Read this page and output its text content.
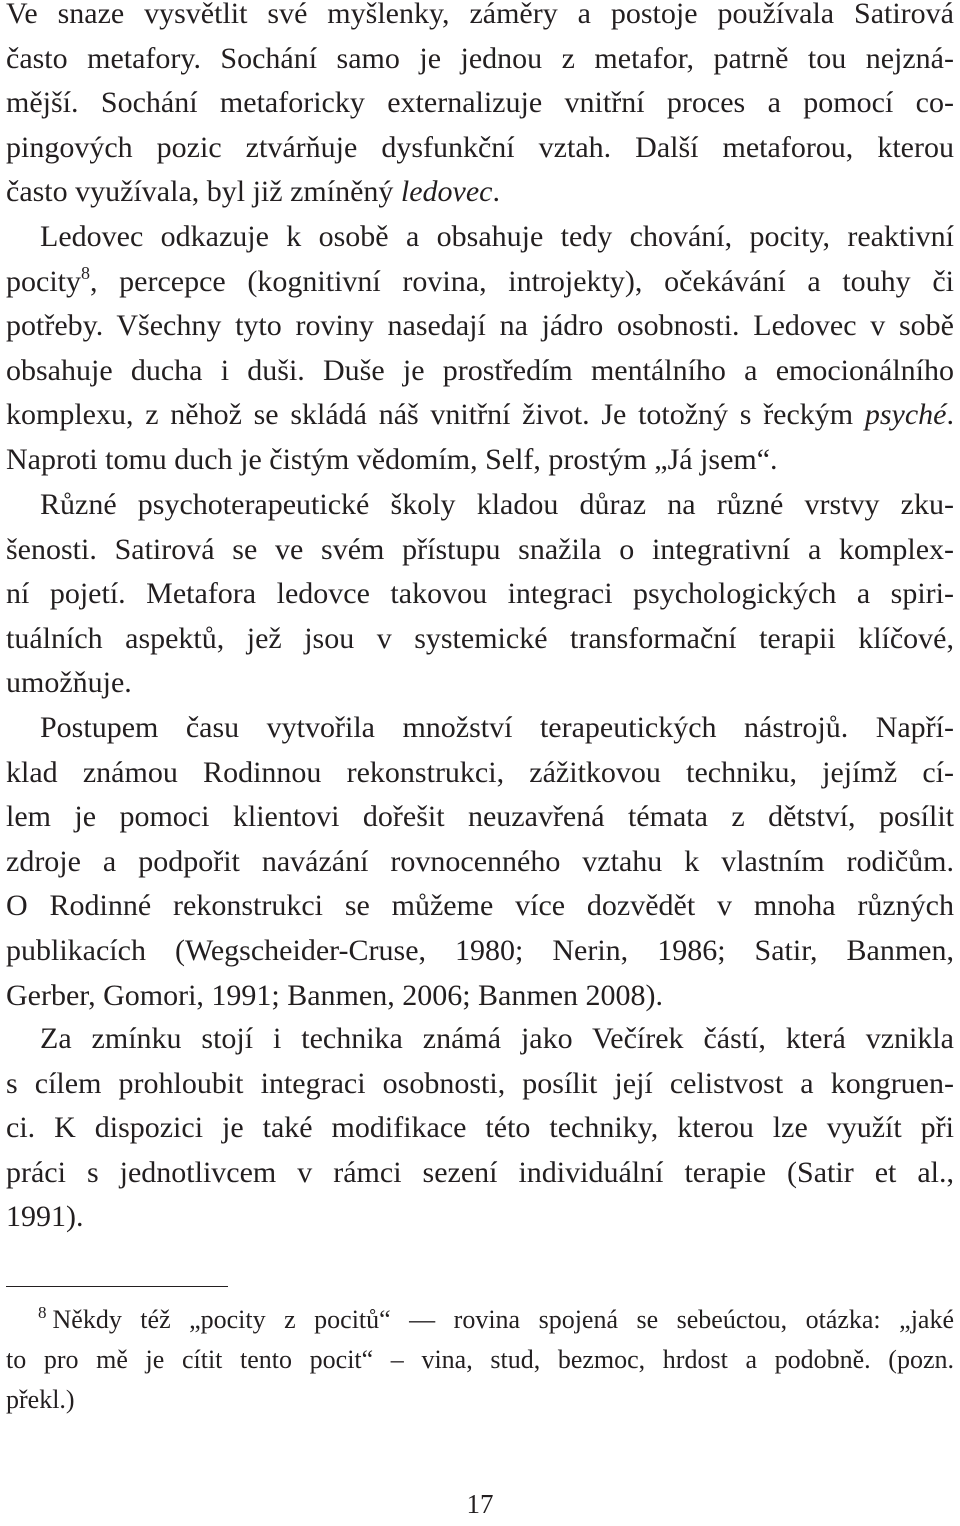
Ve snaze vysvětlit své myšlenky, záměry a postoje používala Satirová
často metafory. Sochání samo je jednou z metafor, patrně tou nejzná-
mější. Sochání metaforicky externalizuje vnitřní proces a pomocí co-
pingových pozic ztvárňuje dysfunkční vztah. Další metaforou, kterou
často využívala, byl již zmíněný ledovec.
Ledovec odkazuje k osobě a obsahuje tedy chování, pocity, reaktivní
pocity$^8$, percepce (kognitivní rovina, introjekty), očekávání a touhy či
potřeby. Všechny tyto roviny nasedají na jádro osobnosti. Ledovec v sobě
obsahuje ducha i duši. Duše je prostředím mentálního a emocionálního
komplexu, z něhož se skládá náš vnitřní život. Je totožný s řeckým psyché.
Naproti tomu duch je čistým vědomím, Self, prostým „Já jsem“.
Různé psychoterapeutické školy kladou důraz na různé vrstvy zku-
šenosti. Satirová se ve svém přístupu snažila o integrativní a komplex-
ní pojetí. Metafora ledovce takovou integraci psychologických a spiri-
tuálních aspektů, jež jsou v systemické transformační terapii klíčové,
umožňuje.
Postupem času vytvořila množství terapeutických nástrojů. Napří-
klad známou Rodinnou rekonstrukci, zážitkovou techniku, jejímž cí-
lem je pomoci klientovi dořešit neuzavřená témata z dětství, posílit
zdroje a podpořit navázání rovnocenného vztahu k vlastním rodičům.
O Rodinné rekonstrukci se můžeme více dozvědět v mnoha různých
publikacích (Wegscheider-Cruse, 1980; Nerin, 1986; Satir, Banmen,
Gerber, Gomori, 1991; Banmen, 2006; Banmen 2008).
Za zmínku stojí i technika známá jako Večírek částí, která vznikla
s cílem prohloubit integraci osobnosti, posílit její celistvost a kongruen-
ci. K dispozici je také modifikace této techniky, kterou lze využít při
práci s jednotlivcem v rámci sezení individuální terapie (Satir et al.,
1991).
$^8$ Někdy též „pocity z pocitů“ — rovina spojená se sebeúctou, otázka: „jaké
to pro mě je cítit tento pocit“ – vina, stud, bezmoc, hrdost a podobně. (pozn.
překl.)
17
